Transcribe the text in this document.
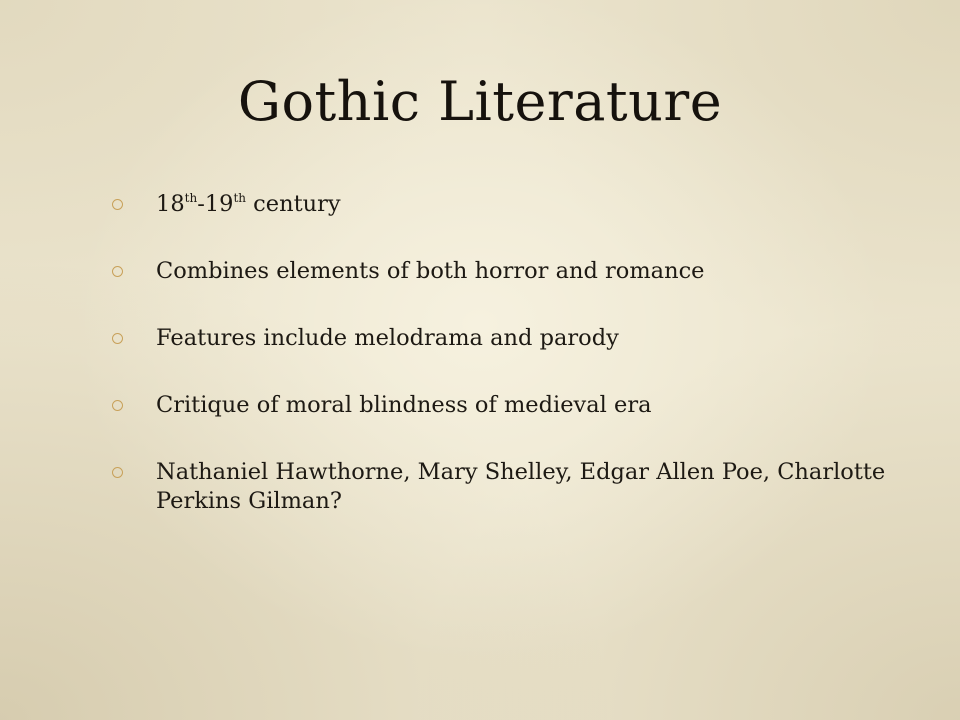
Gothic Literature
18th-19th century
Combines elements of both horror and romance
Features include melodrama and parody
Critique of moral blindness of medieval era
Nathaniel Hawthorne, Mary Shelley, Edgar Allen Poe, Charlotte Perkins Gilman?
